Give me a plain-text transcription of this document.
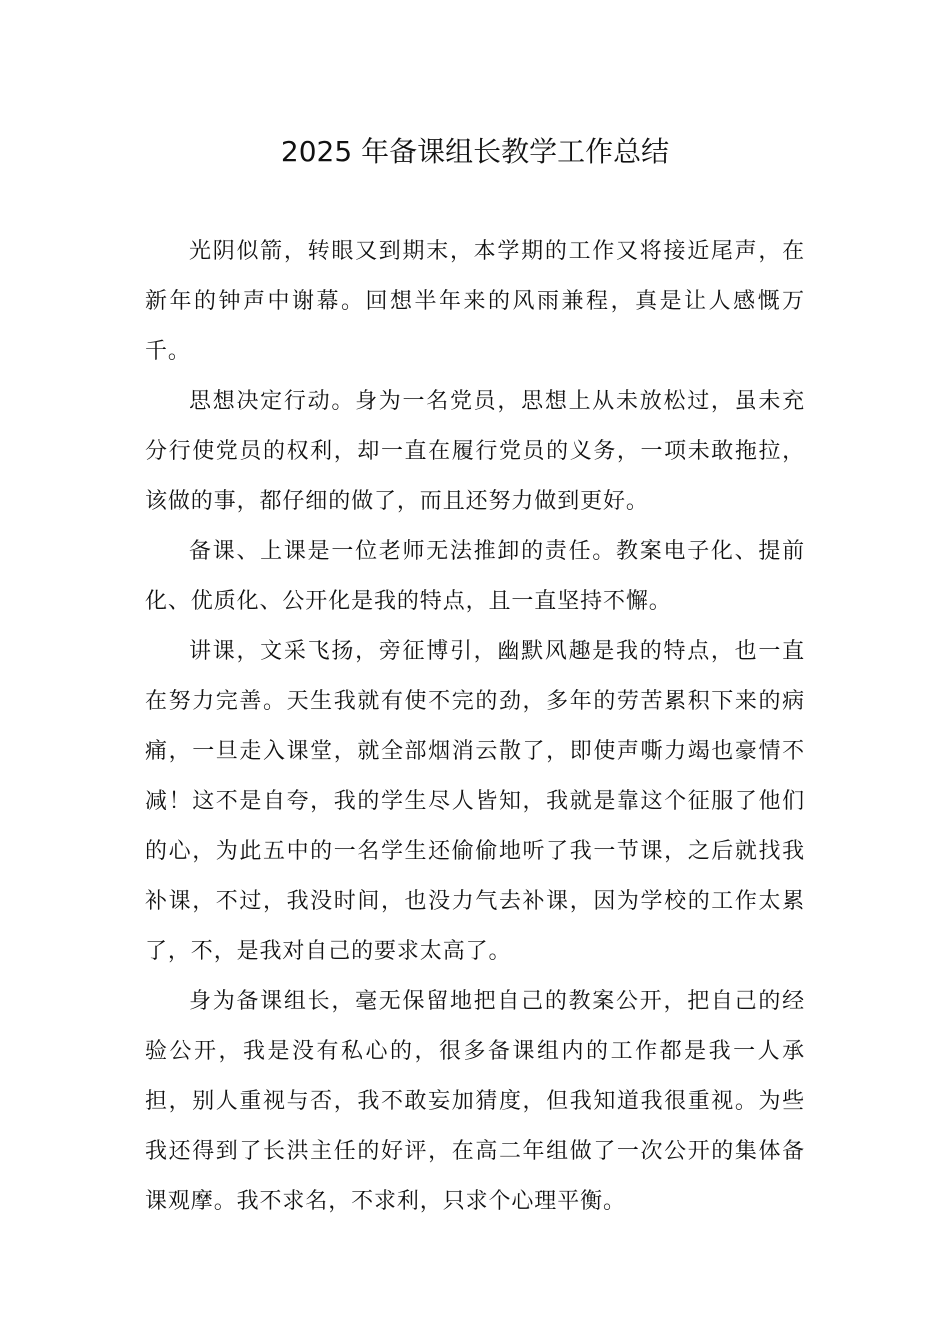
2025 年备课组长教学工作总结

光阴似箭，转眼又到期末，本学期的工作又将接近尾声，在新年的钟声中谢幕。回想半年来的风雨兼程，真是让人感慨万千。

思想决定行动。身为一名党员，思想上从未放松过，虽未充分行使党员的权利，却一直在履行党员的义务，一项未敢拖拉，该做的事，都仔细的做了，而且还努力做到更好。

备课、上课是一位老师无法推卸的责任。教案电子化、提前化、优质化、公开化是我的特点，且一直坚持不懈。

讲课，文采飞扬，旁征博引，幽默风趣是我的特点，也一直在努力完善。天生我就有使不完的劲，多年的劳苦累积下来的病痛，一旦走入课堂，就全部烟消云散了，即使声嘶力竭也豪情不减！这不是自夸，我的学生尽人皆知，我就是靠这个征服了他们的心，为此五中的一名学生还偷偷地听了我一节课，之后就找我补课，不过，我没时间，也没力气去补课，因为学校的工作太累了，不，是我对自己的要求太高了。

身为备课组长，毫无保留地把自己的教案公开，把自己的经验公开，我是没有私心的，很多备课组内的工作都是我一人承担，别人重视与否，我不敢妄加猜度，但我知道我很重视。为些我还得到了长洪主任的好评，在高二年组做了一次公开的集体备课观摩。我不求名，不求利，只求个心理平衡。
